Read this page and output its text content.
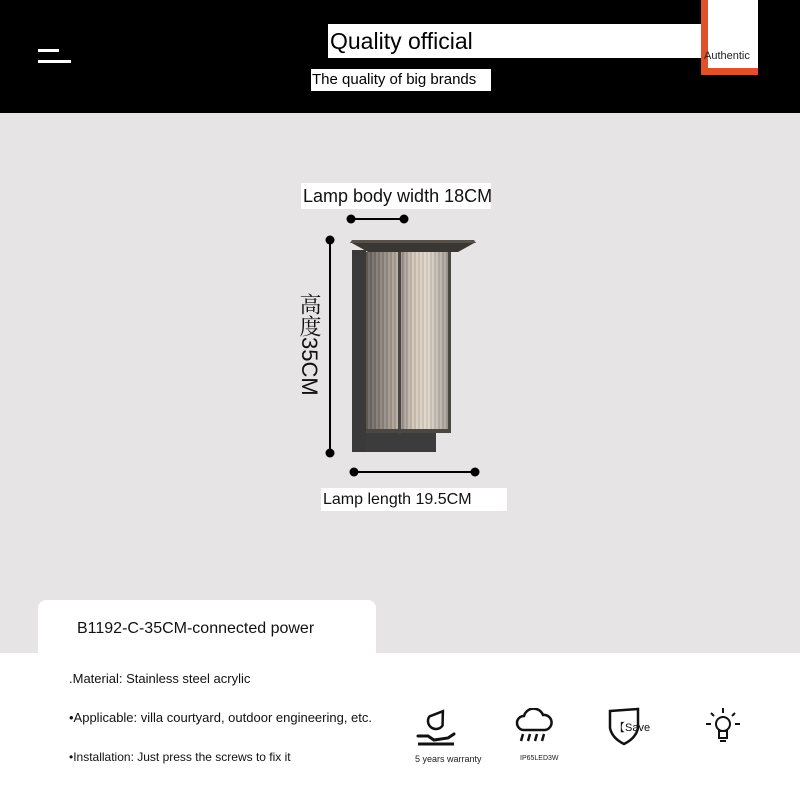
Quality official
The quality of big brands
Authentic
Lamp body width 18CM
高度35CM
Lamp length 19.5CM
B1192-C-35CM-connected power
.Material: Stainless steel acrylic
•Applicable: villa courtyard, outdoor engineering, etc.
•Installation: Just press the screws to fix it	5 years warranty	IP65LED3W
【Save
